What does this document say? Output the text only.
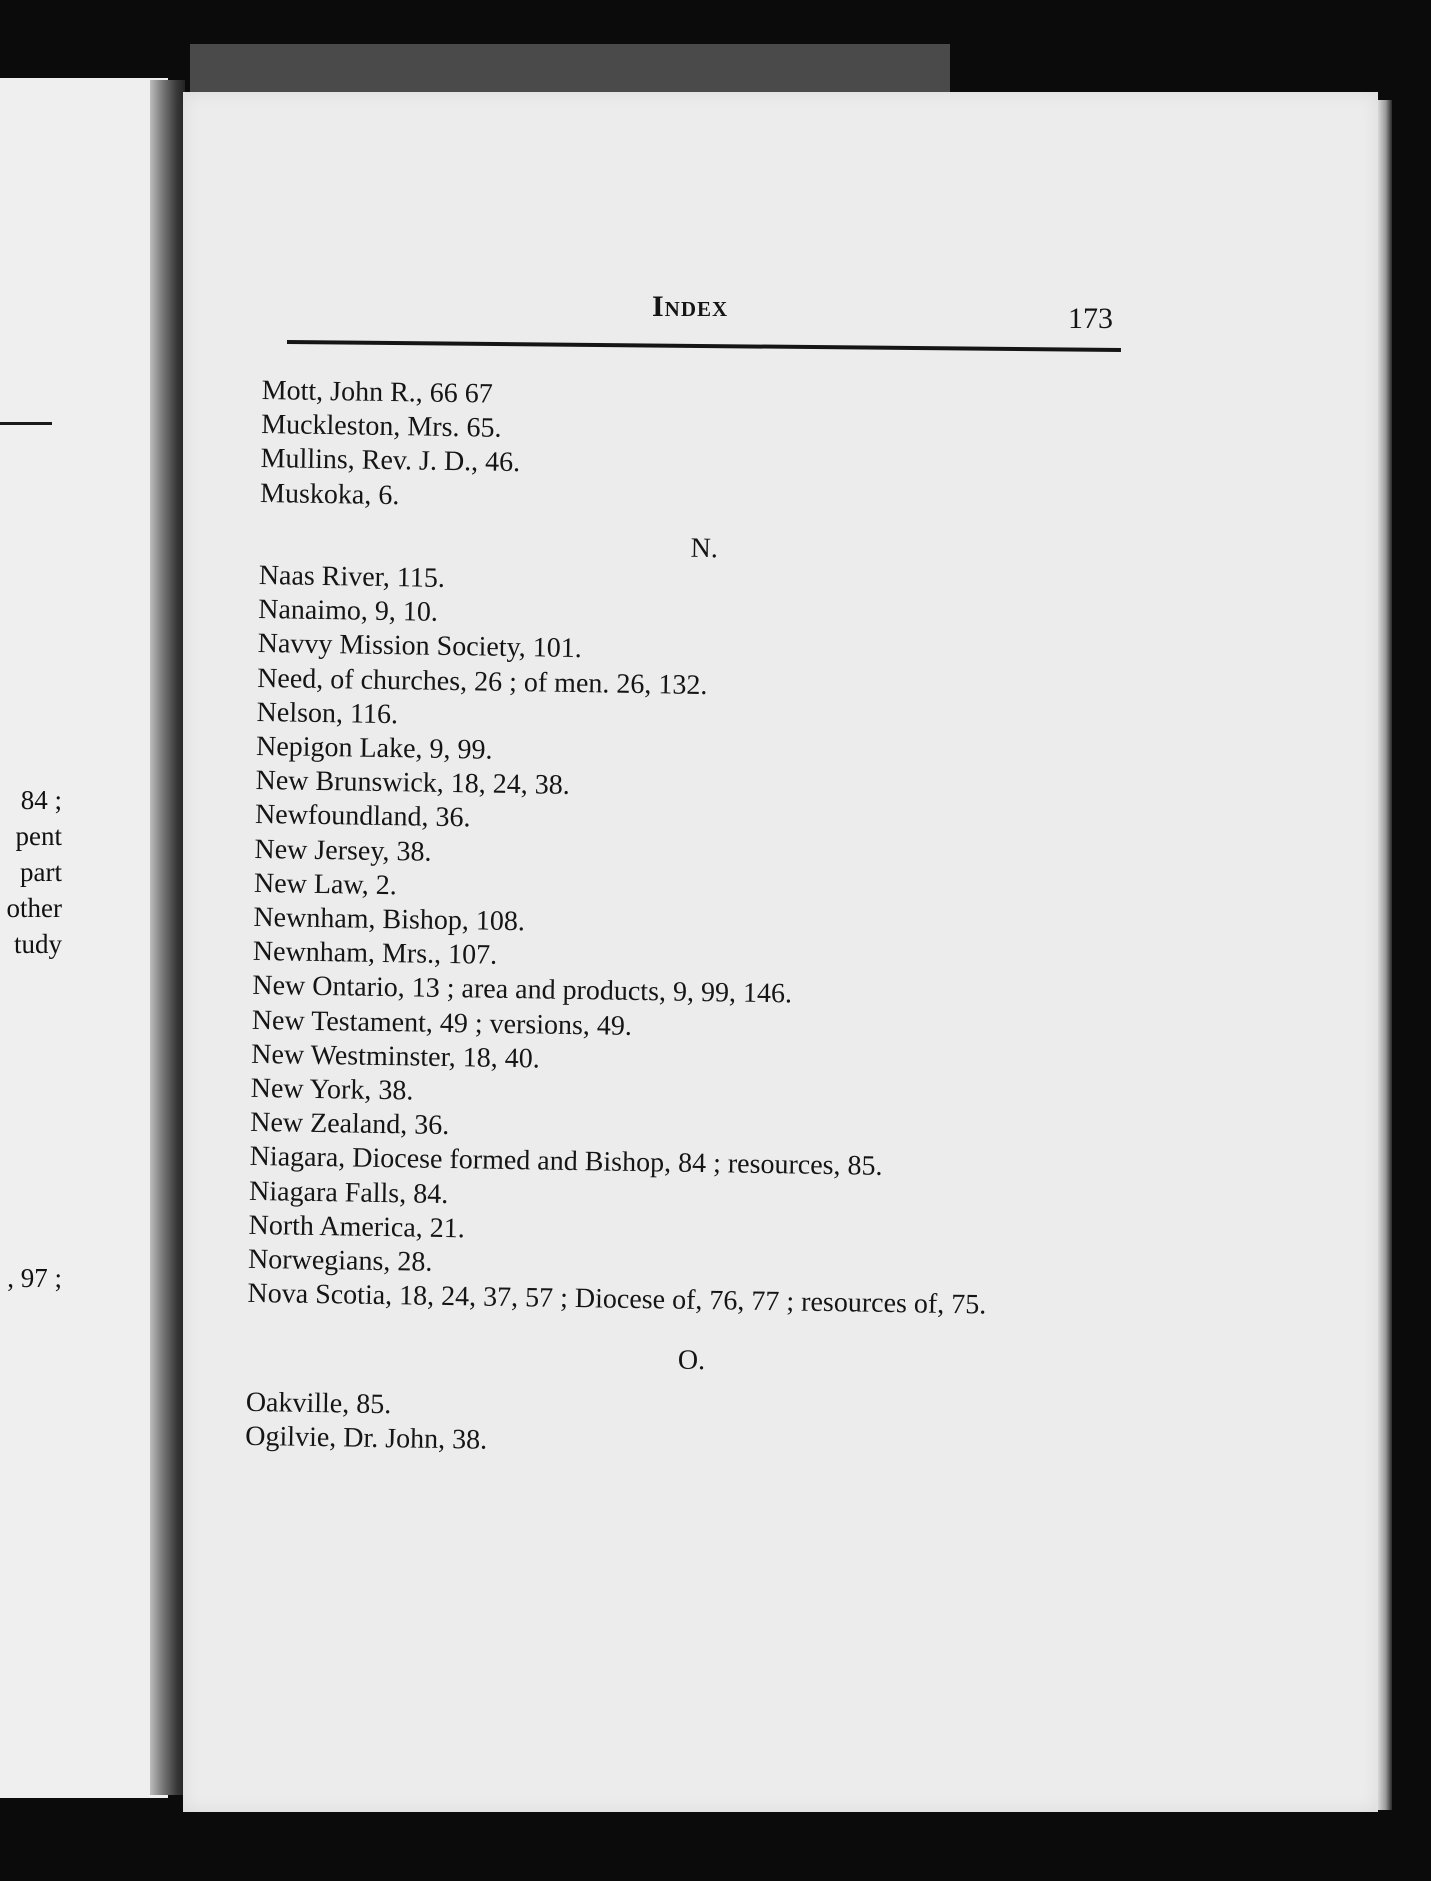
84 ;

pent

part

other

tudy

, 97 ;

Index	173
Mott, John R., 66 67
Muckleston, Mrs. 65.
Mullins, Rev. J. D., 46.
Muskoka, 6.
N.
Naas River, 115.
Nanaimo, 9, 10.
Navvy Mission Society, 101.
Need, of churches, 26 ; of men. 26, 132.
Nelson, 116.
Nepigon Lake, 9, 99.
New Brunswick, 18, 24, 38.
Newfoundland, 36.
New Jersey, 38.
New Law, 2.
Newnham, Bishop, 108.
Newnham, Mrs., 107.
New Ontario, 13 ; area and products, 9, 99, 146.
New Testament, 49 ; versions, 49.
New Westminster, 18, 40.
New York, 38.
New Zealand, 36.
Niagara, Diocese formed and Bishop, 84 ; resources, 85.
Niagara Falls, 84.
North America, 21.
Norwegians, 28.
Nova Scotia, 18, 24, 37, 57 ; Diocese of, 76, 77 ; resources of, 75.
O.
Oakville, 85.
Ogilvie, Dr. John, 38.
